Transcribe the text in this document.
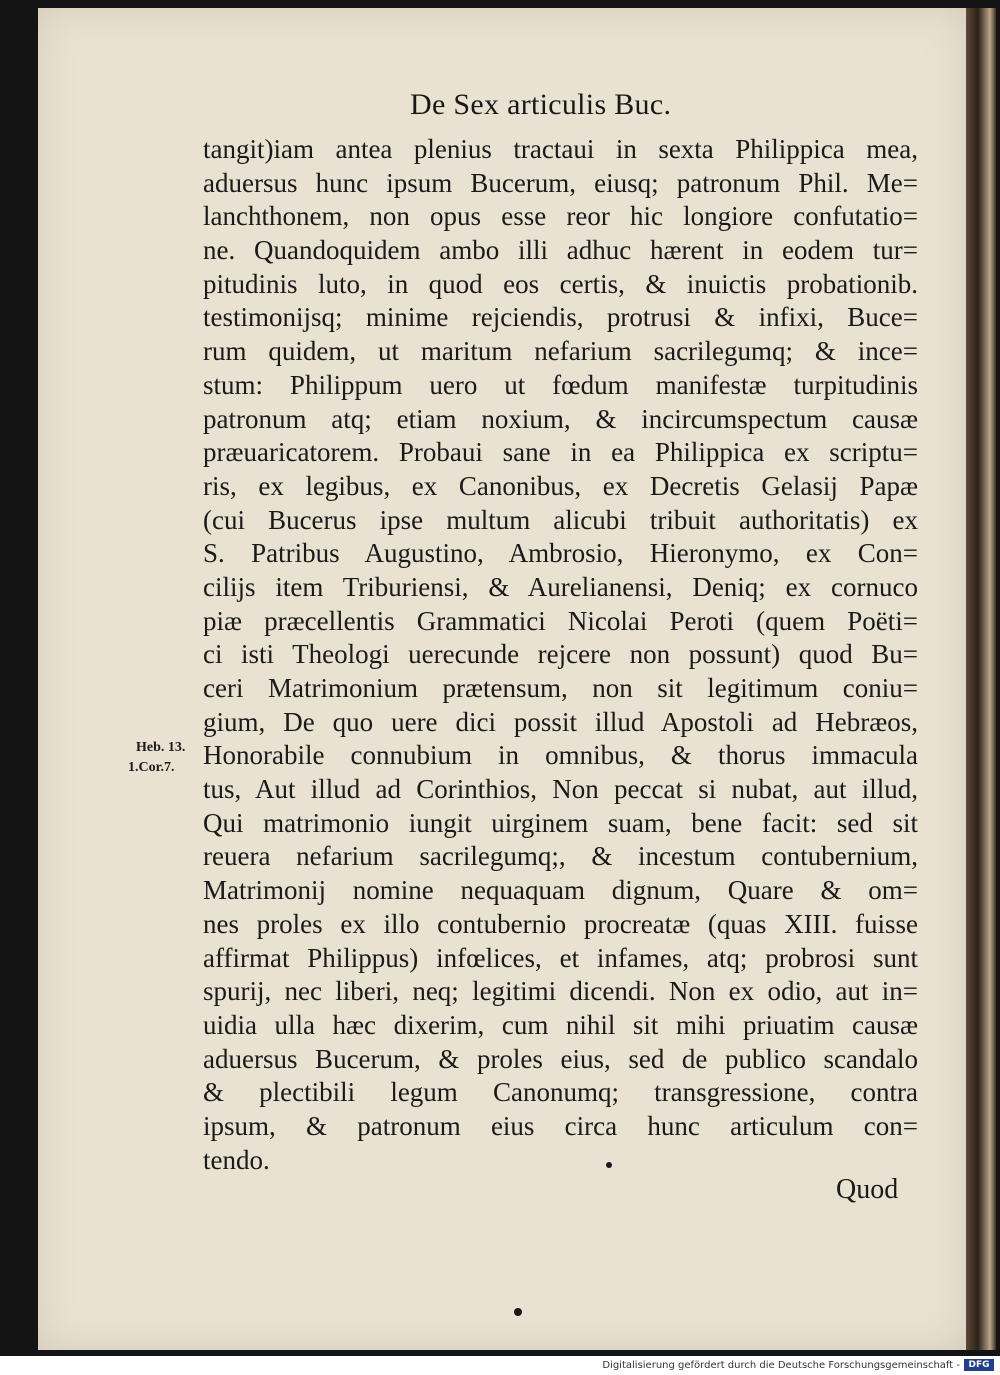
De Sex articulis Buc.
tangit)iam antea plenius tractaui in sexta Philippica mea,
aduersus hunc ipsum Bucerum, eiusq; patronum Phil. Me=
lanchthonem, non opus esse reor hic longiore confutatio=
ne. Quandoquidem ambo illi adhuc hærent in eodem tur=
pitudinis luto, in quod eos certis, & inuictis probationib.
testimonijsq; minime rejciendis, protrusi & infixi, Buce=
rum quidem, ut maritum nefarium sacrilegumq; & ince=
stum: Philippum uero ut fœdum manifestæ turpitudinis
patronum atq; etiam noxium, & incircumspectum causæ
præuaricatorem. Probaui sane in ea Philippica ex scriptu=
ris, ex legibus, ex Canonibus, ex Decretis Gelasij Papæ
(cui Bucerus ipse multum alicubi tribuit authoritatis) ex
S. Patribus Augustino, Ambrosio, Hieronymo, ex Con=
cilijs item Triburiensi, & Aurelianensi, Deniq; ex cornuco
piæ præcellentis Grammatici Nicolai Peroti (quem Poëti=
ci isti Theologi uerecunde rejcere non possunt) quod Bu=
ceri Matrimonium prætensum, non sit legitimum coniu=
gium, De quo uere dici possit illud Apostoli ad Hebræos,
Honorabile connubium in omnibus, & thorus immacula
tus, Aut illud ad Corinthios, Non peccat si nubat, aut illud,
Qui matrimonio iungit uirginem suam, bene facit: sed sit
reuera nefarium sacrilegumq;, & incestum contubernium,
Matrimonij nomine nequaquam dignum, Quare & om=
nes proles ex illo contubernio procreatæ (quas XIII. fuisse
affirmat Philippus) infœlices, et infames, atq; probrosi sunt
spurij, nec liberi, neq; legitimi dicendi. Non ex odio, aut in=
uidia ulla hæc dixerim, cum nihil sit mihi priuatim causæ
aduersus Bucerum, & proles eius, sed de publico scandalo
& plectibili legum Canonumq; transgressione, contra
ipsum, & patronum eius circa hunc articulum con=
tendo.
Heb. 13.
1.Cor.7.
Quod
Digitalisierung gefördert durch die Deutsche Forschungsgemeinschaft - DFG
